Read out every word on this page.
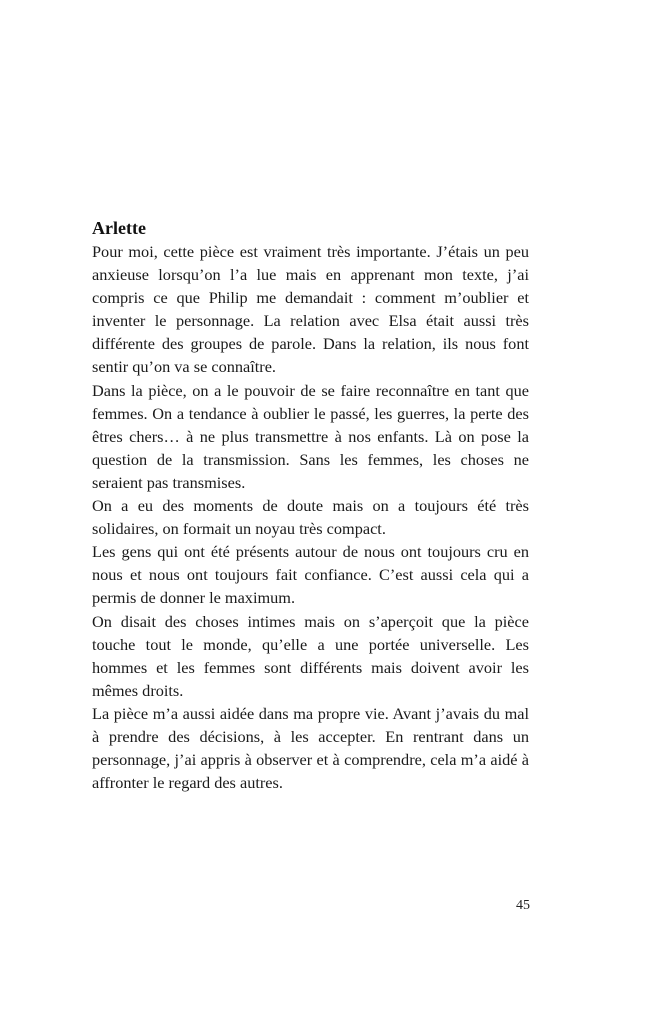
Arlette

Pour moi, cette pièce est vraiment très importante. J’étais un peu anxieuse lorsqu’on l’a lue mais en apprenant mon texte, j’ai compris ce que Philip me demandait : comment m’oublier et inventer le personnage. La relation avec Elsa était aussi très différente des groupes de parole. Dans la relation, ils nous font sentir qu’on va se connaître.

Dans la pièce, on a le pouvoir de se faire reconnaître en tant que femmes. On a tendance à oublier le passé, les guerres, la perte des êtres chers… à ne plus transmettre à nos enfants. Là on pose la question de la transmission. Sans les femmes, les choses ne seraient pas transmises.

On a eu des moments de doute mais on a toujours été très solidaires, on formait un noyau très compact.

Les gens qui ont été présents autour de nous ont toujours cru en nous et nous ont toujours fait confiance. C’est aussi cela qui a permis de donner le maximum.

On disait des choses intimes mais on s’aperçoit que la pièce touche tout le monde, qu’elle a une portée universelle. Les hommes et les femmes sont différents mais doivent avoir les mêmes droits.

La pièce m’a aussi aidée dans ma propre vie. Avant j’avais du mal à prendre des décisions, à les accepter. En rentrant dans un personnage, j’ai appris à observer et à comprendre, cela m’a aidé à affronter le regard des autres.

45
